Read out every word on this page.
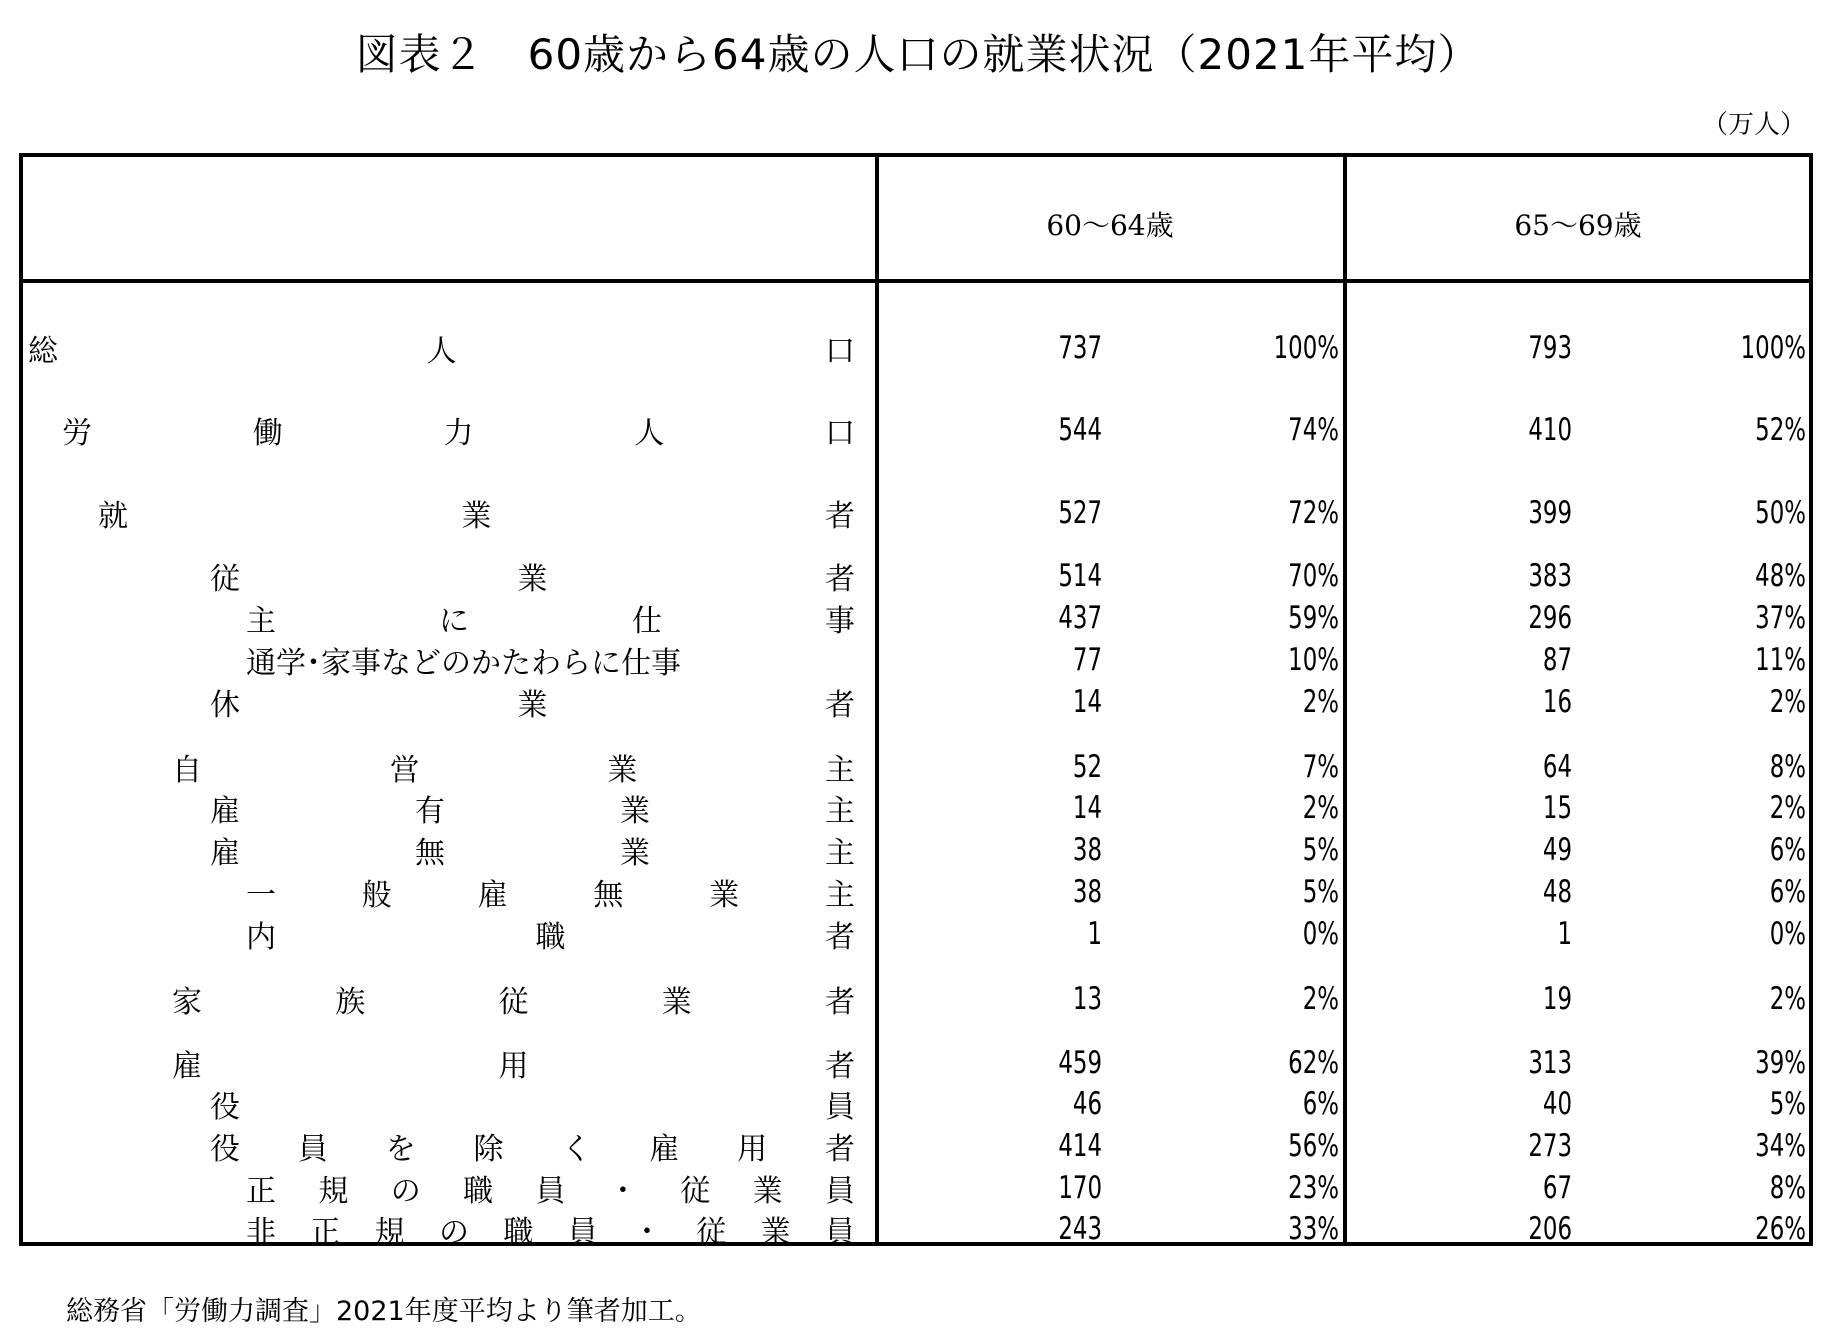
図表２　60歳から64歳の人口の就業状況（2021年平均）
（万人）
60～64歳	65～69歳
総	人	口	737	100%	793	100%
労	働	力	人	口	544	74%	410	52%
就	業	者	527	72%	399	50%
従	業	者	514	70%	383	48%
主	に	仕	事	437	59%	296	37%
通学･家事などのかたわらに仕事	77	10%	87	11%
休	業	者	14	2%	16	2%
自	営	業	主	52	7%	64	8%
雇	有	業	主	14	2%	15	2%
雇	無	業	主	38	5%	49	6%
一	般	雇	無	業	主	38	5%	48	6%
内	職	者	1	0%	1	0%
家	族	従	業	者	13	2%	19	2%
雇	用	者	459	62%	313	39%
役	員	46	6%	40	5%
役 員 を 除 く 雇 用 者	414	56%	273	34%
正 規 の 職 員 ・ 従 業 員	170	23%	67	8%
非 正 規 の 職 員 ・ 従 業 員	243	33%	206	26%
総務省「労働力調査」2021年度平均より筆者加工。
